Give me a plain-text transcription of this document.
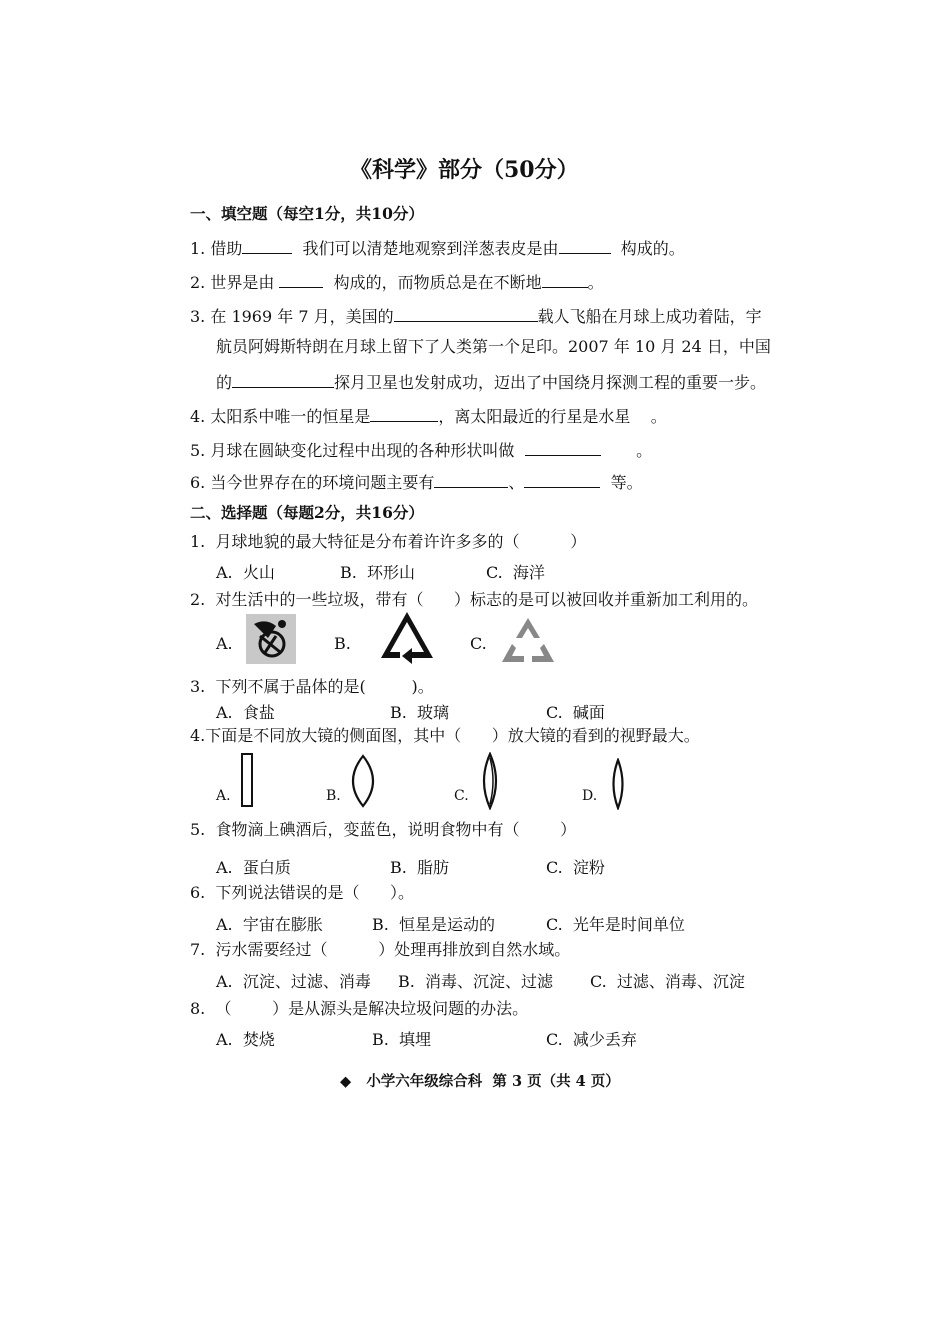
《科学》部分（50分）
一、填空题（每空1分，共10分）
1. 借助	我们可以清楚地观察到洋葱表皮是由	构成的。
2. 世界是由	构成的，而物质总是在不断地	。
3. 在 1969 年 7 月，美国的	载人飞船在月球上成功着陆，宇
航员阿姆斯特朗在月球上留下了人类第一个足印。2007 年 10 月 24 日，中国
的	探月卫星也发射成功，迈出了中国绕月探测工程的重要一步。
4. 太阳系中唯一的恒星是	，离太阳最近的行星是水星 。
5. 月球在圆缺变化过程中出现的各种形状叫做	。
6. 当今世界存在的环境问题主要有	、	等。
二、选择题（每题2分，共16分）
1.  月球地貌的最大特征是分布着许许多多的（          ）
A.  火山	B.  环形山	C.  海洋
2.  对生活中的一些垃圾，带有（      ）标志的是可以被回收并重新加工利用的。
A.	B.	C.
3.  下列不属于晶体的是(         )。
A.  食盐	B.  玻璃	C.  碱面
4.下面是不同放大镜的侧面图，其中（      ）放大镜的看到的视野最大。
A.	B.	C.	D.
5.  食物滴上碘酒后，变蓝色，说明食物中有（        ）
A.  蛋白质	B.  脂肪	C.  淀粉
6.  下列说法错误的是（      ）。
A.  宇宙在膨胀	B.  恒星是运动的	C.  光年是时间单位
7.  污水需要经过（          ）处理再排放到自然水域。
A.  沉淀、过滤、消毒 B.  消毒、沉淀、过滤 C.  过滤、消毒、沉淀
8.  （        ）是从源头是解决垃圾问题的办法。
A.  焚烧	B.  填埋	C.  减少丢弃
◆ 小学六年级综合科  第 3 页（共 4 页）
